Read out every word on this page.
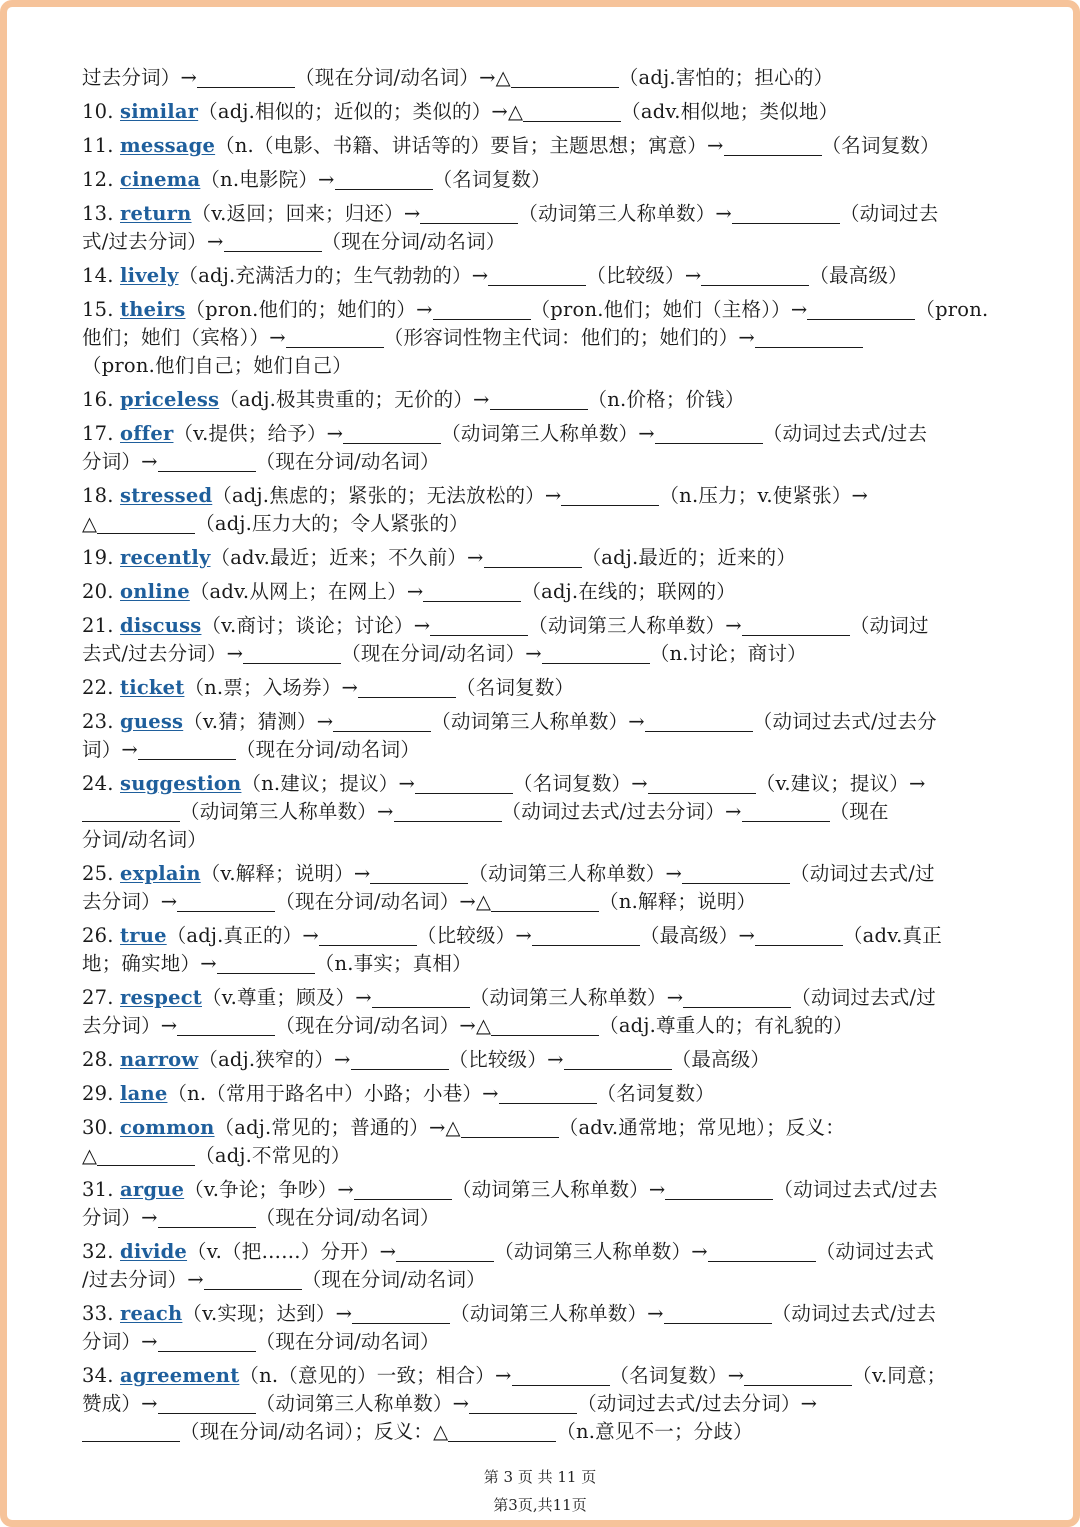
过去分词）→	（现在分词/动名词）→△	（adj.害怕的；担心的）
10. similar（adj.相似的；近似的；类似的）→△	（adv.相似地；类似地）
11. message（n.（电影、书籍、讲话等的）要旨；主题思想；寓意）→	（名词复数）
12. cinema（n.电影院）→	（名词复数）
13. return（v.返回；回来；归还）→	（动词第三人称单数）→	（动词过去
式/过去分词）→	（现在分词/动名词）
14. lively（adj.充满活力的；生气勃勃的）→	（比较级）→	（最高级）
15. theirs（pron.他们的；她们的）→	（pron.他们；她们（主格））→	（pron.
他们；她们（宾格））→	（形容词性物主代词：他们的；她们的）→
（pron.他们自己；她们自己）
16. priceless（adj.极其贵重的；无价的）→	（n.价格；价钱）
17. offer（v.提供；给予）→	（动词第三人称单数）→	（动词过去式/过去
分词）→	（现在分词/动名词）
18. stressed（adj.焦虑的；紧张的；无法放松的）→	（n.压力；v.使紧张）→
△	（adj.压力大的；令人紧张的）
19. recently（adv.最近；近来；不久前）→	（adj.最近的；近来的）
20. online（adv.从网上；在网上）→	（adj.在线的；联网的）
21. discuss（v.商讨；谈论；讨论）→	（动词第三人称单数）→	（动词过
去式/过去分词）→	（现在分词/动名词）→	（n.讨论；商讨）
22. ticket（n.票；入场券）→	（名词复数）
23. guess（v.猜；猜测）→	（动词第三人称单数）→	（动词过去式/过去分
词）→	（现在分词/动名词）
24. suggestion（n.建议；提议）→	（名词复数）→	（v.建议；提议）→
（动词第三人称单数）→	（动词过去式/过去分词）→	（现在
分词/动名词）
25. explain（v.解释；说明）→	（动词第三人称单数）→	（动词过去式/过
去分词）→	（现在分词/动名词）→△	（n.解释；说明）
26. true（adj.真正的）→	（比较级）→	（最高级）→	（adv.真正
地；确实地）→	（n.事实；真相）
27. respect（v.尊重；顾及）→	（动词第三人称单数）→	（动词过去式/过
去分词）→	（现在分词/动名词）→△	（adj.尊重人的；有礼貌的）
28. narrow（adj.狭窄的）→	（比较级）→	（最高级）
29. lane（n.（常用于路名中）小路；小巷）→	（名词复数）
30. common（adj.常见的；普通的）→△	（adv.通常地；常见地）；反义：
△	（adj.不常见的）
31. argue（v.争论；争吵）→	（动词第三人称单数）→	（动词过去式/过去
分词）→	（现在分词/动名词）
32. divide（v.（把……）分开）→	（动词第三人称单数）→	（动词过去式
/过去分词）→	（现在分词/动名词）
33. reach（v.实现；达到）→	（动词第三人称单数）→	（动词过去式/过去
分词）→	（现在分词/动名词）
34. agreement（n.（意见的）一致；相合）→	（名词复数）→	（v.同意；
赞成）→	（动词第三人称单数）→	（动词过去式/过去分词）→
（现在分词/动名词）；反义：△	（n.意见不一；分歧）
第 3 页 共 11 页
第3页,共11页
